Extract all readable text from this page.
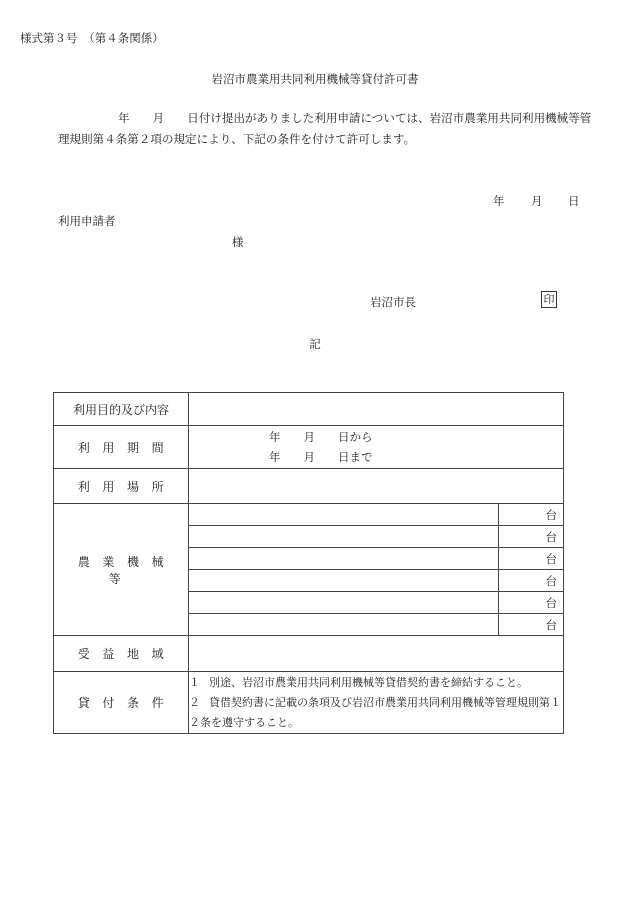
様式第３号　（第４条関係）
岩沼市農業用共同利用機械等貸付許可書
年　　月　　日付け提出がありました利用申請については、岩沼市農業用共同利用機械等管理規則第４条第２項の規定により、下記の条件を付けて許可します。
年 月 日
利用申請者
様
岩沼市長	印
記
利用目的及び内容		
利用期間	年　　月　　日から
年　　月　　日まで	

利用場所		
農業機械等		台
		台
		台
		台
		台
		台
受益地域		
貸付条件	１ 別途、岩沼市農業用共同利用機械等貸借契約書を締結すること。
２ 貸借契約書に記載の条項及び岩沼市農業用共同利用機械等管理規則第１２条を遵守すること。	
